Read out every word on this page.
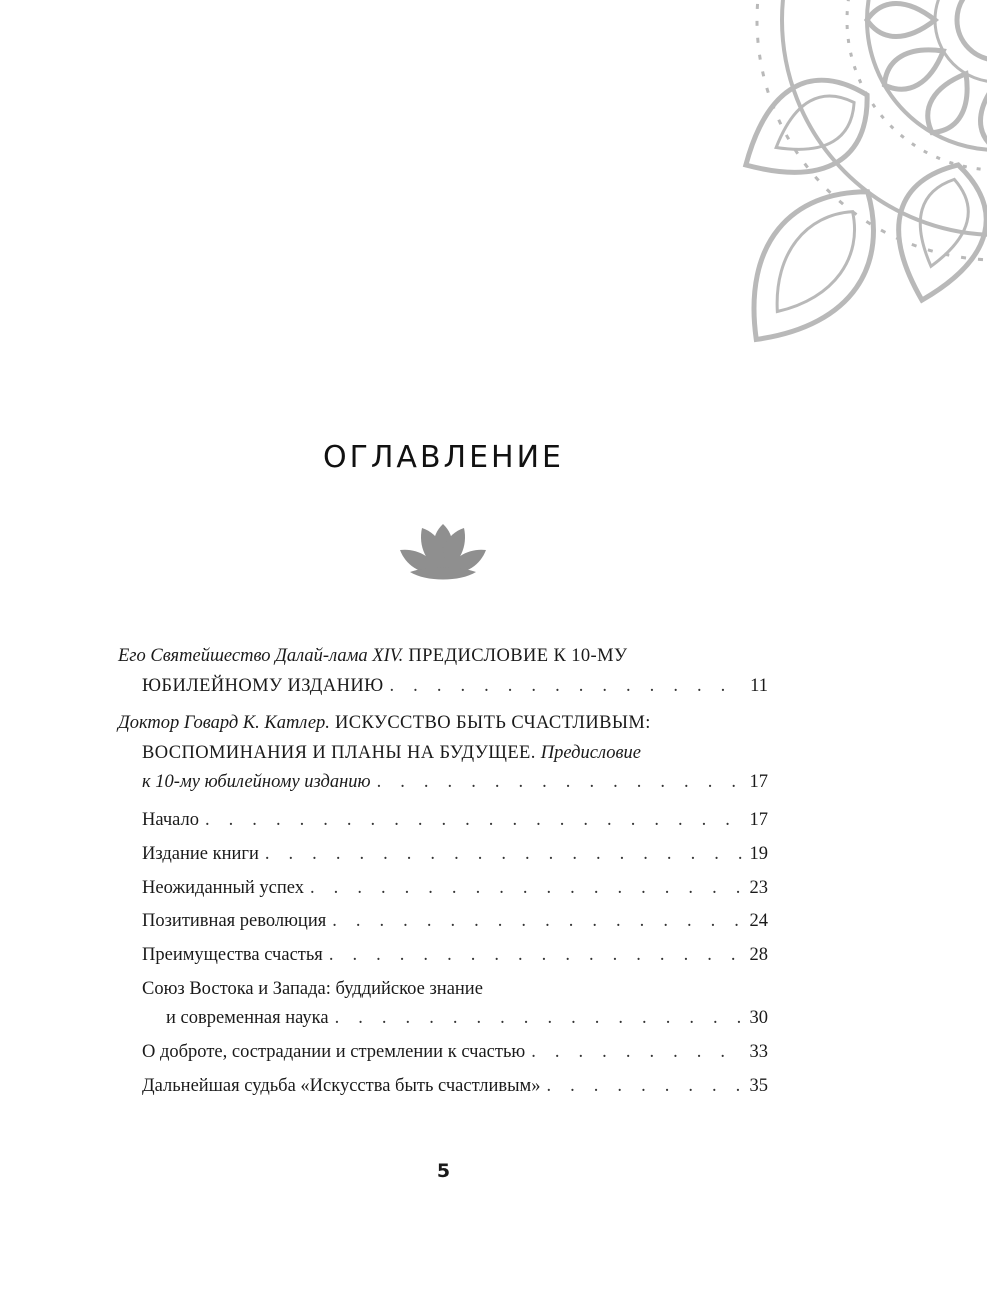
ОГЛАВЛЕНИЕ
Его Святейшество Далай-лама XIV. ПРЕДИСЛОВИЕ К 10-МУ
ЮБИЛЕЙНОМУ ИЗДАНИЮ . . .	11
Доктор Говард К. Катлер. ИСКУССТВО БЫТЬ СЧАСТЛИВЫМ:
ВОСПОМИНАНИЯ И ПЛАНЫ НА БУДУЩЕЕ. Предисловие
к 10-му юбилейному изданию . . .	17
Начало . . .	17
Издание книги . . .	19
Неожиданный успех . . .	23
Позитивная революция . . .	24
Преимущества счастья . . .	28
Союз Востока и Запада: буддийское знание
и современная наука . . .	30
О доброте, сострадании и стремлении к счастью . . .	33
Дальнейшая судьба «Искусства быть счастливым» . . .	35
5
